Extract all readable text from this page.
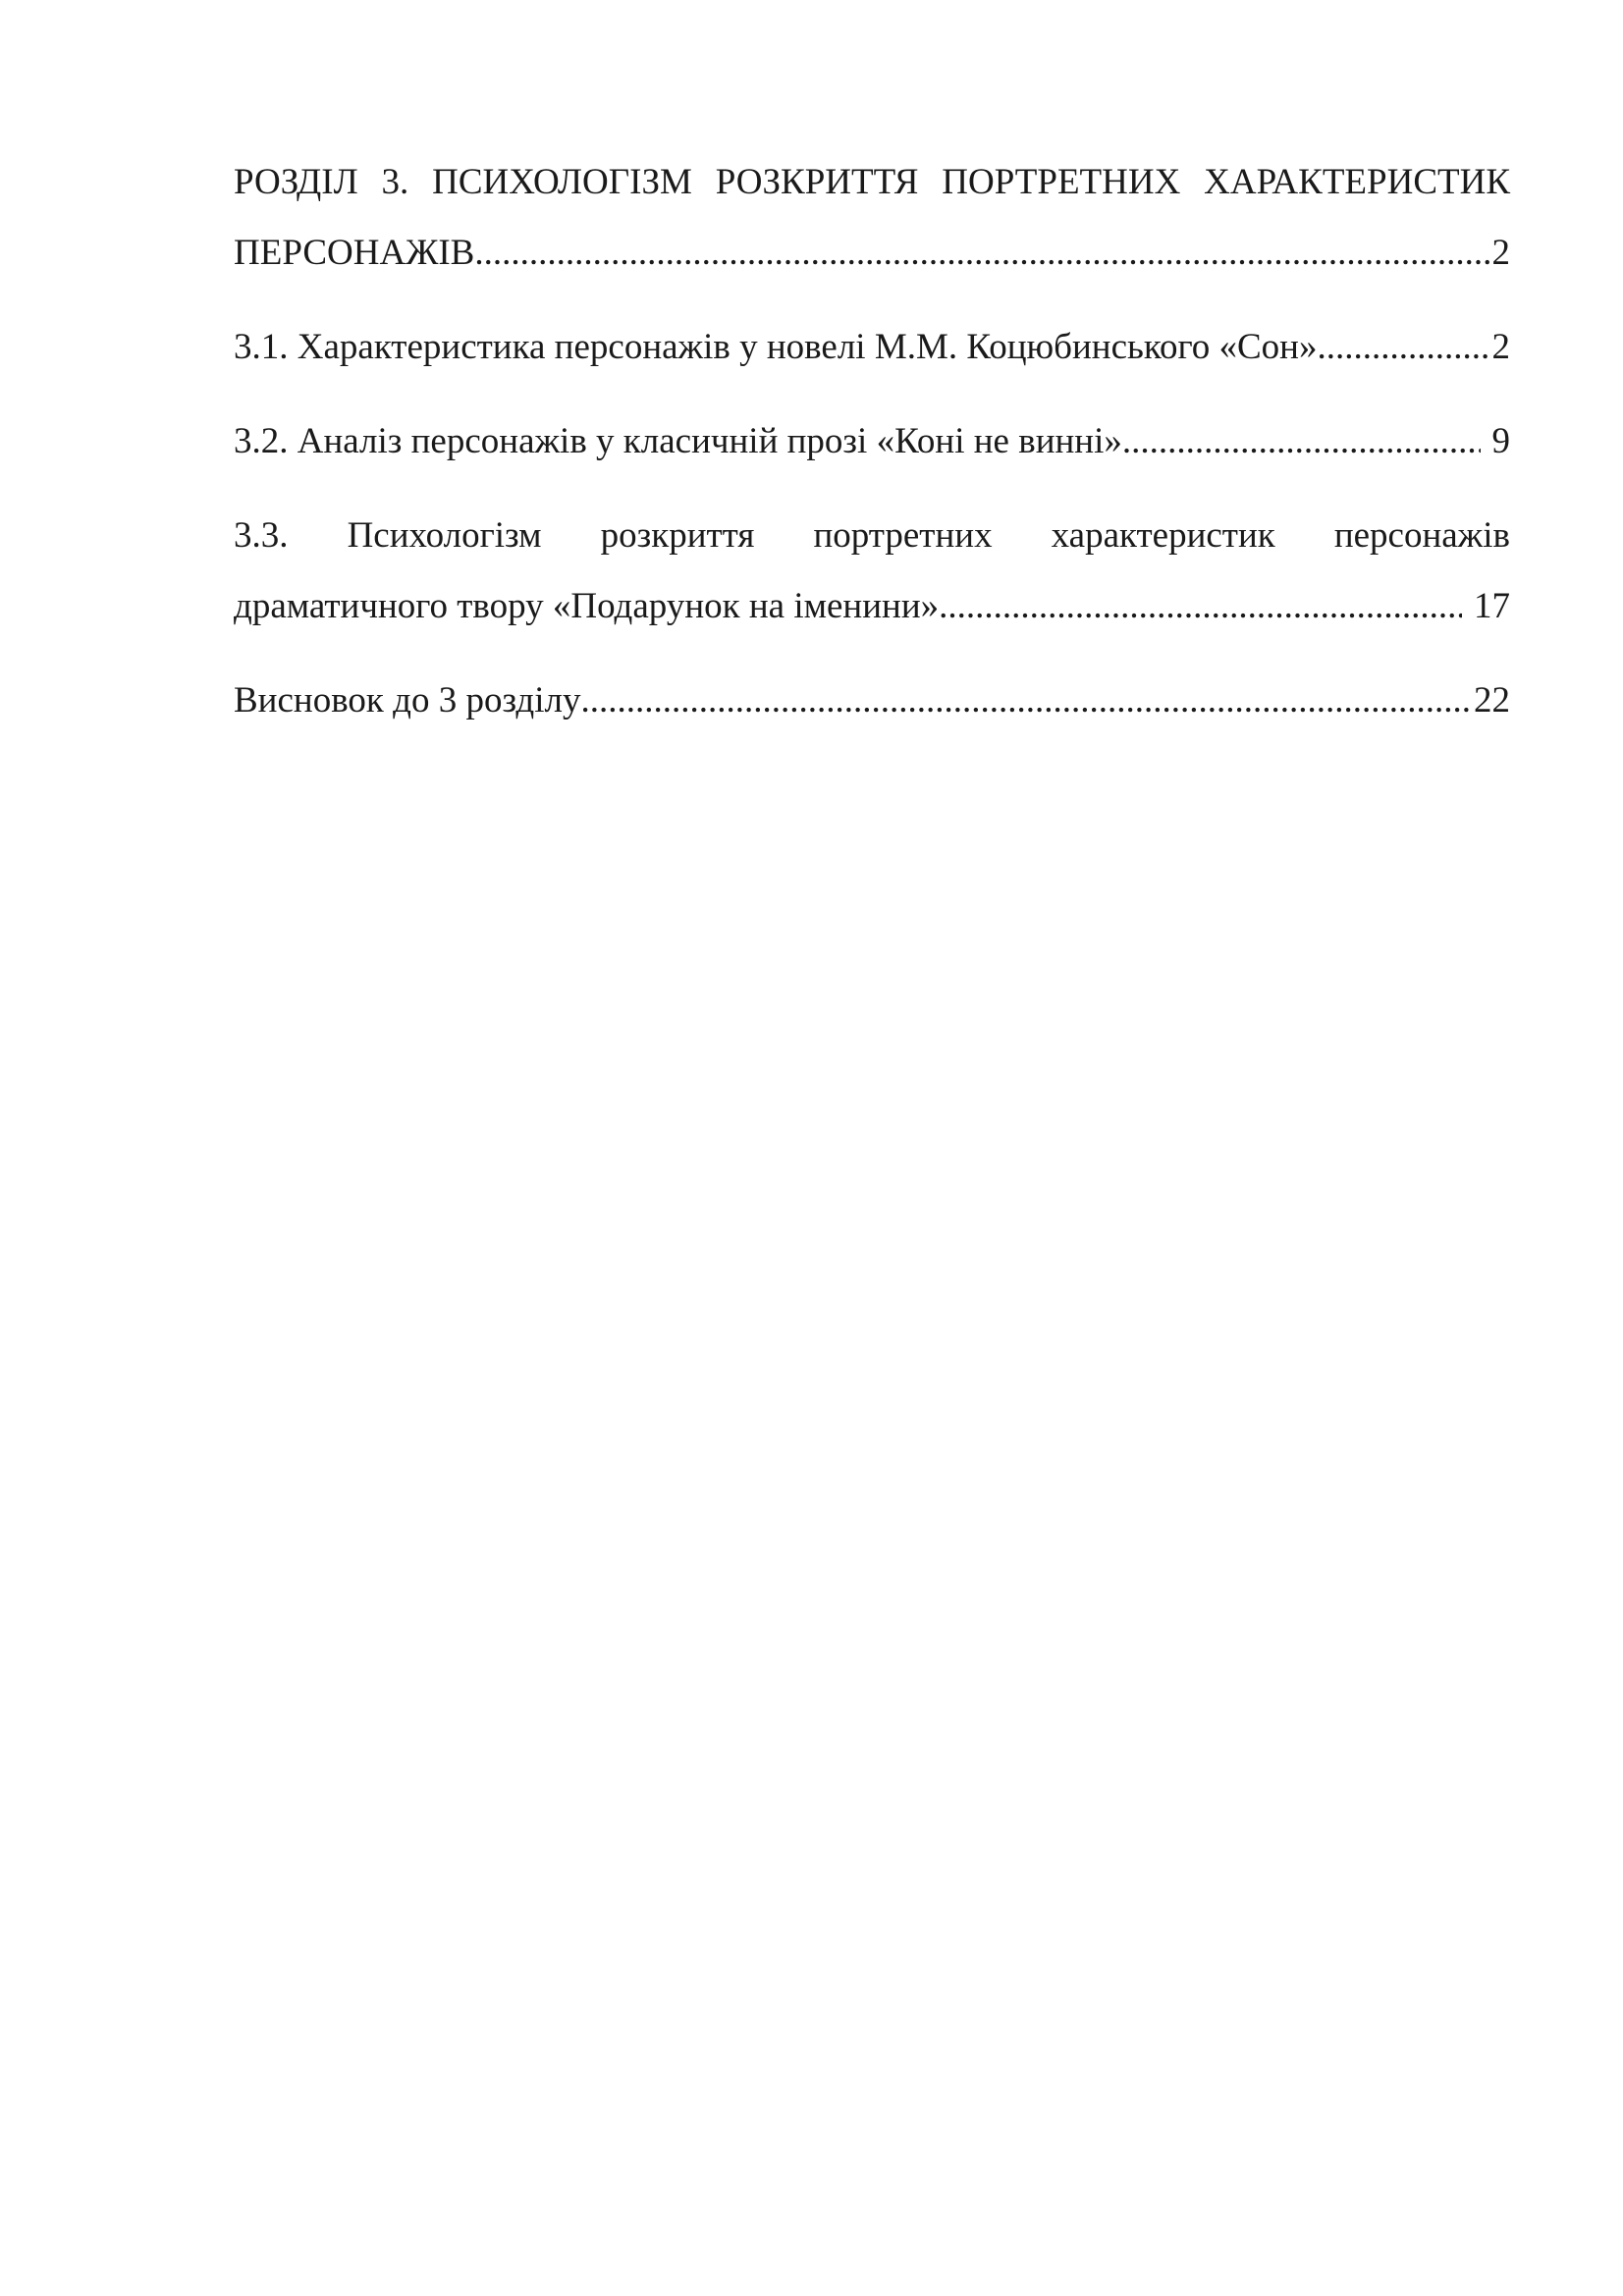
РОЗДІЛ 3. ПСИХОЛОГІЗМ РОЗКРИТТЯ ПОРТРЕТНИХ ХАРАКТЕРИСТИК
ПЕРСОНАЖІВ .....	2
3.1. Характеристика персонажів у новелі М.М. Коцюбинського «Сон» .....	2
3.2. Аналіз персонажів у класичній прозі «Коні не винні» .....	9
3.3. Психологізм розкриття портретних характеристик персонажів
драматичного твору «Подарунок на іменини» .....	17
Висновок до 3 розділу .....	22
